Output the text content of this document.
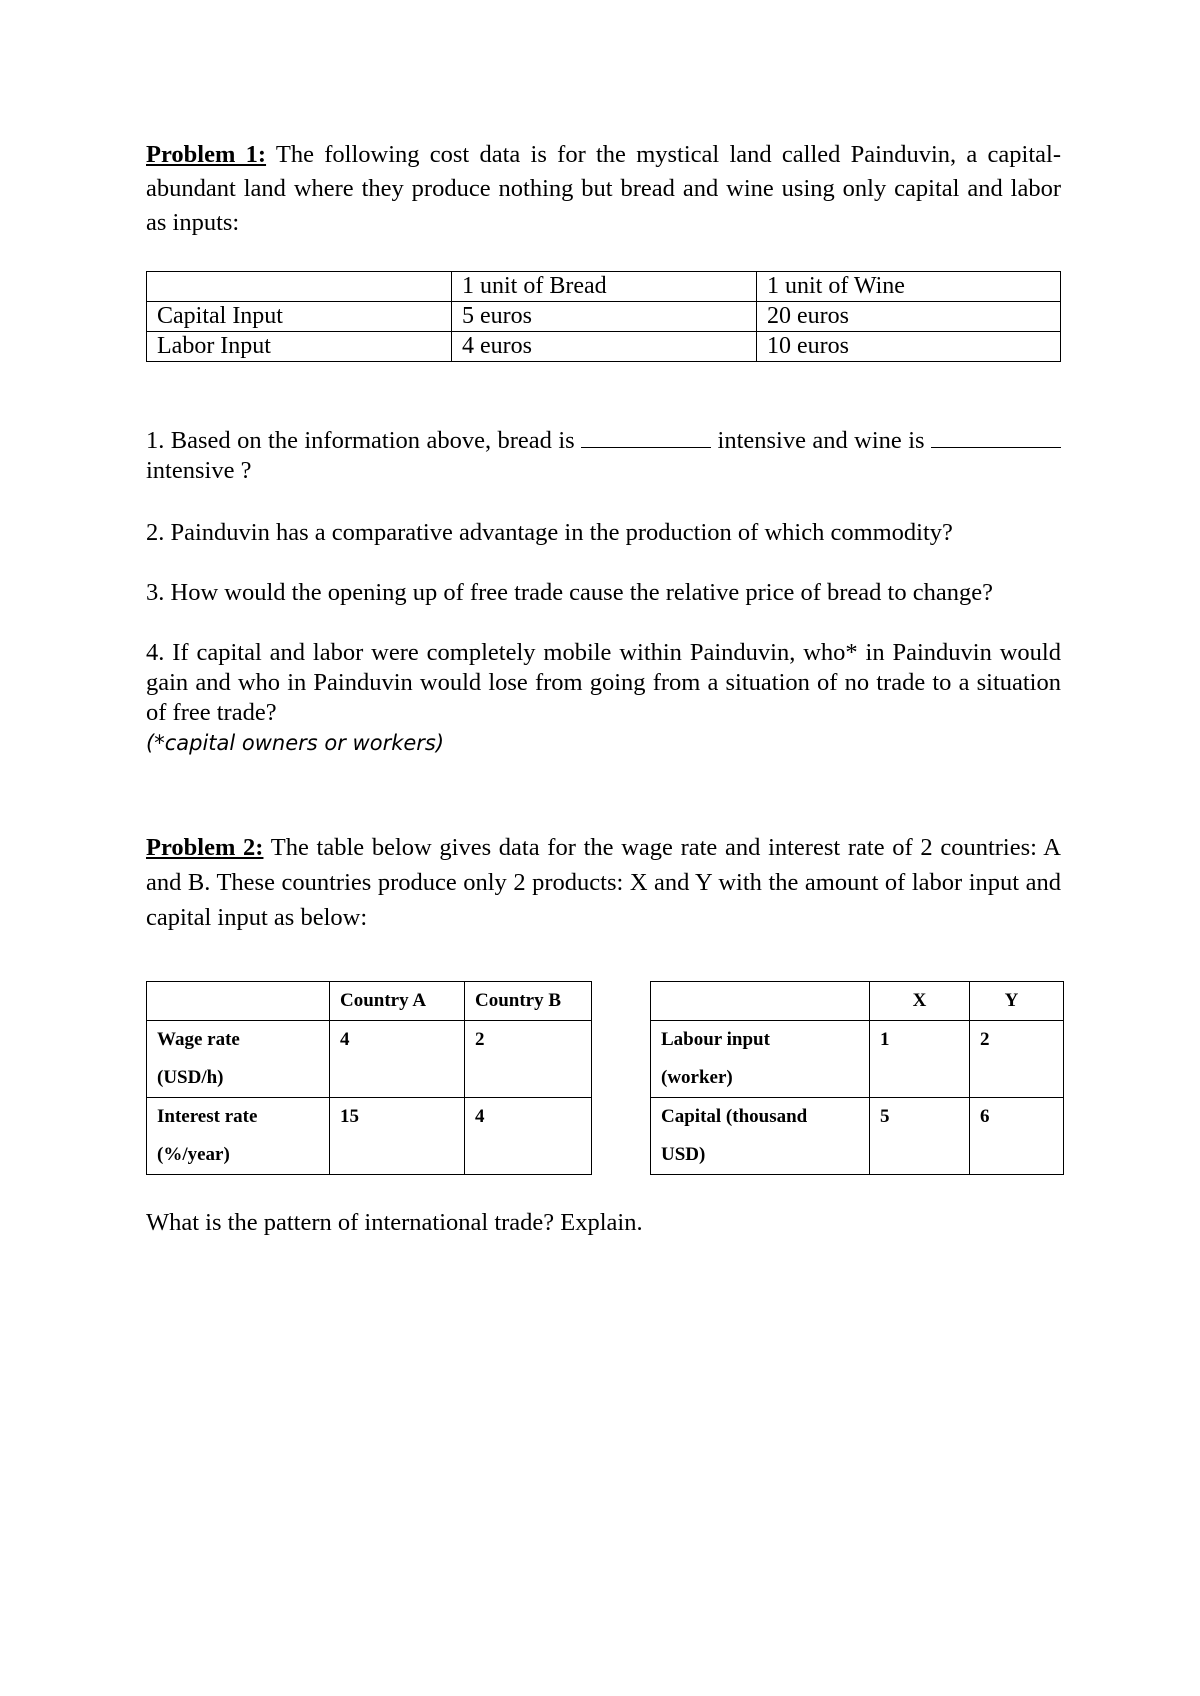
Problem 1: The following cost data is for the mystical land called Painduvin, a capital-abundant land where they produce nothing but bread and wine using only capital and labor as inputs:

	1 unit of Bread	1 unit of Wine
Capital Input	5 euros	20 euros
Labor Input	4 euros	10 euros

1. Based on the information above, bread is	intensive and wine is  intensive ?

2. Painduvin has a comparative advantage in the production of which commodity?

3. How would the opening up of free trade cause the relative price of bread to change?

4. If capital and labor were completely mobile within Painduvin, who* in Painduvin would gain and who in Painduvin would lose from going from a situation of no trade to a situation of free trade?

(*capital owners or workers)

Problem 2: The table below gives data for the wage rate and interest rate of 2 countries: A and B. These countries produce only 2 products: X and Y with the amount of labor input and capital input as below:

	Country A	Country B
Wage rate
(USD/h)	4	2
Interest rate
(%/year)	15	4
	X	Y
Labour input
(worker)	1	2
Capital (thousand
USD)	5	6

What is the pattern of international trade? Explain.
